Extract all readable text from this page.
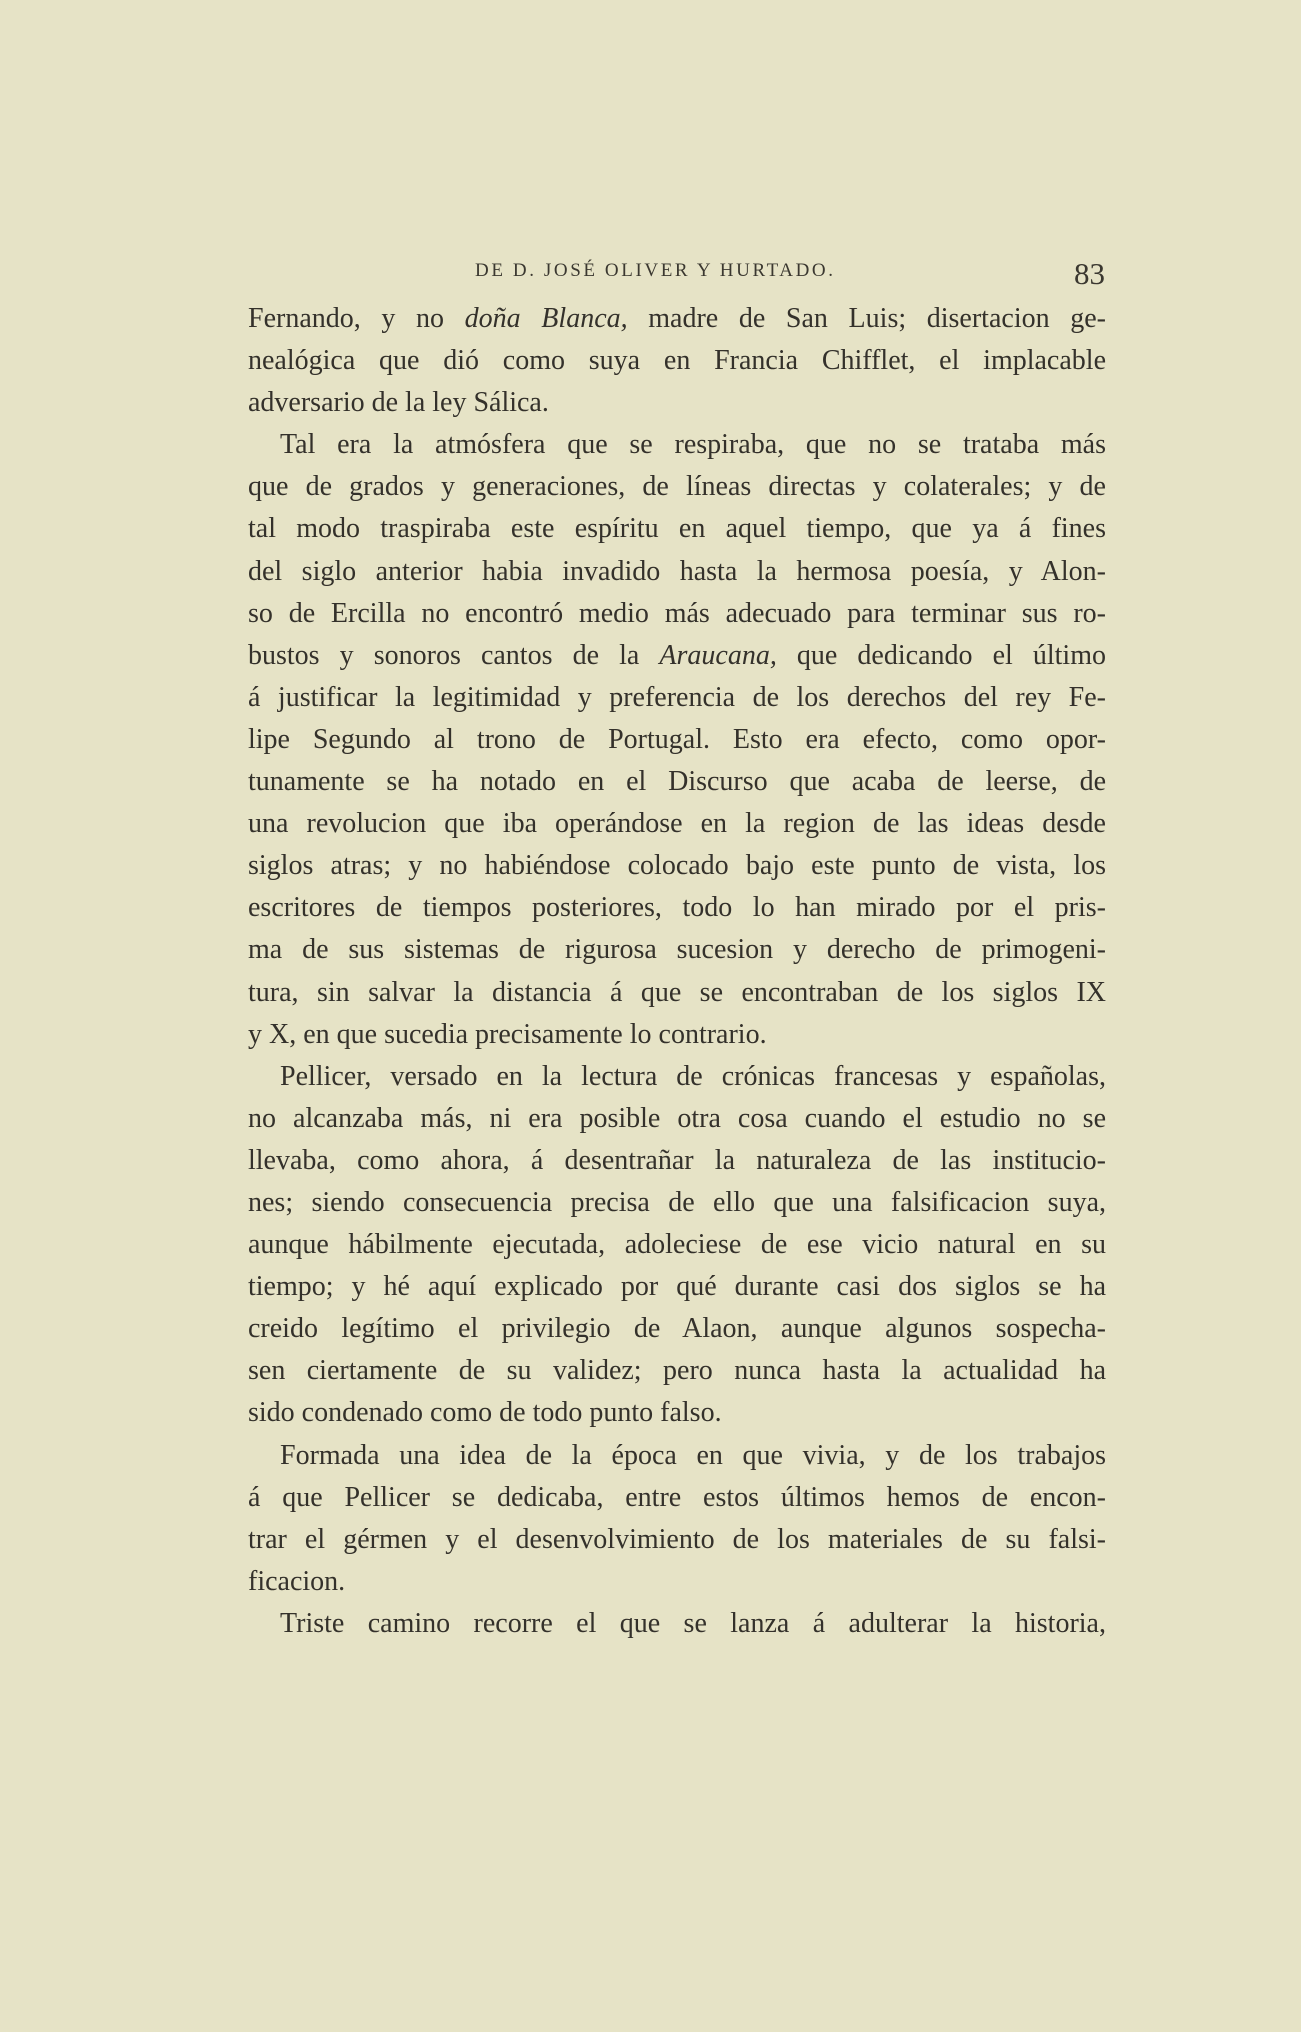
DE D. JOSÉ OLIVER Y HURTADO.	83
Fernando, y no doña Blanca, madre de San Luis; disertacion ge-
nealógica que dió como suya en Francia Chifflet, el implacable
adversario de la ley Sálica.
Tal era la atmósfera que se respiraba, que no se trataba más
que de grados y generaciones, de líneas directas y colaterales; y de
tal modo traspiraba este espíritu en aquel tiempo, que ya á fines
del siglo anterior habia invadido hasta la hermosa poesía, y Alon-
so de Ercilla no encontró medio más adecuado para terminar sus ro-
bustos y sonoros cantos de la Araucana, que dedicando el último
á justificar la legitimidad y preferencia de los derechos del rey Fe-
lipe Segundo al trono de Portugal. Esto era efecto, como opor-
tunamente se ha notado en el Discurso que acaba de leerse, de
una revolucion que iba operándose en la region de las ideas desde
siglos atras; y no habiéndose colocado bajo este punto de vista, los
escritores de tiempos posteriores, todo lo han mirado por el pris-
ma de sus sistemas de rigurosa sucesion y derecho de primogeni-
tura, sin salvar la distancia á que se encontraban de los siglos IX
y X, en que sucedia precisamente lo contrario.
Pellicer, versado en la lectura de crónicas francesas y españolas,
no alcanzaba más, ni era posible otra cosa cuando el estudio no se
llevaba, como ahora, á desentrañar la naturaleza de las institucio-
nes; siendo consecuencia precisa de ello que una falsificacion suya,
aunque hábilmente ejecutada, adoleciese de ese vicio natural en su
tiempo; y hé aquí explicado por qué durante casi dos siglos se ha
creido legítimo el privilegio de Alaon, aunque algunos sospecha-
sen ciertamente de su validez; pero nunca hasta la actualidad ha
sido condenado como de todo punto falso.
Formada una idea de la época en que vivia, y de los trabajos
á que Pellicer se dedicaba, entre estos últimos hemos de encon-
trar el gérmen y el desenvolvimiento de los materiales de su falsi-
ficacion.
Triste camino recorre el que se lanza á adulterar la historia,
